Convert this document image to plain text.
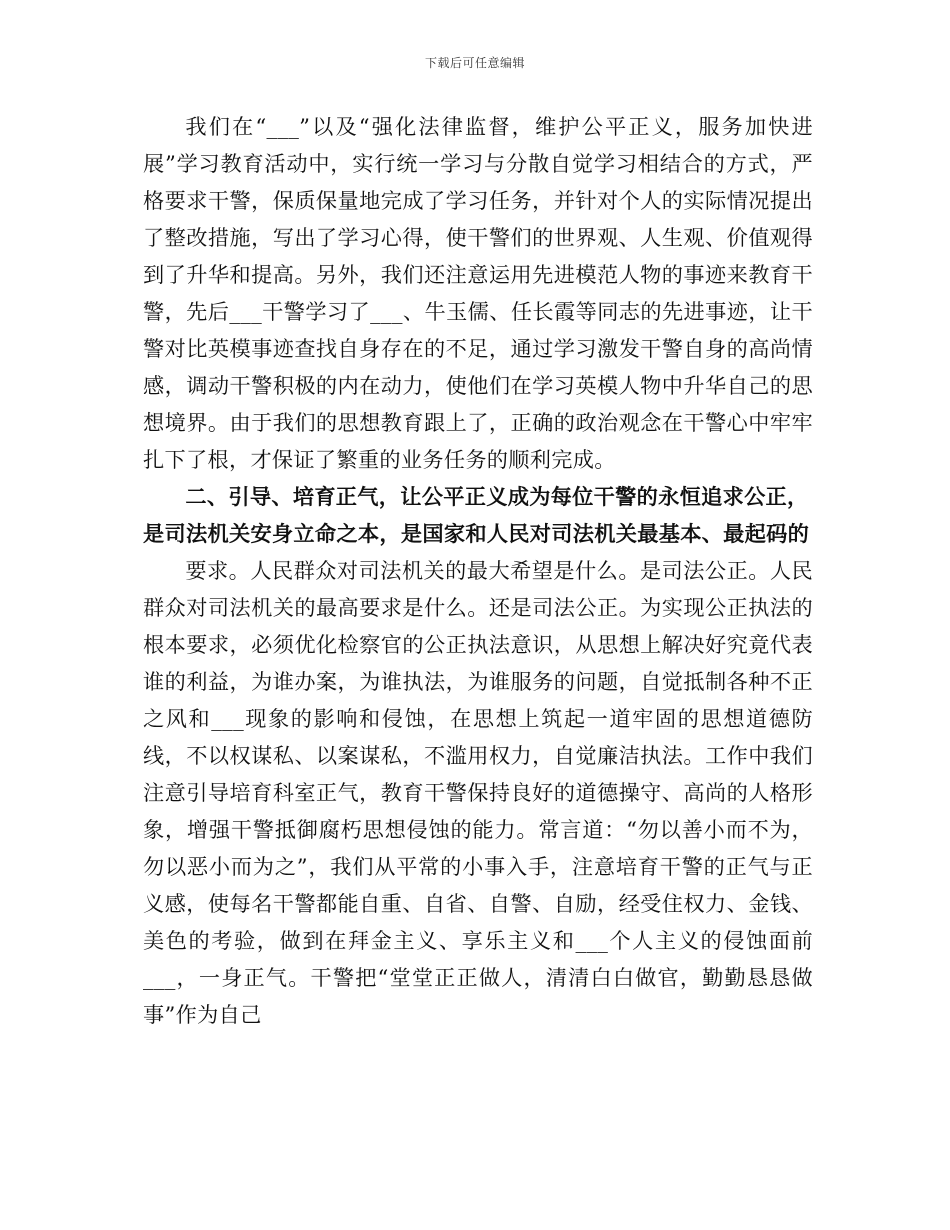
下载后可任意编辑

我们在“___”以及“强化法律监督，维护公平正义，服务加快进展”学习教育活动中，实行统一学习与分散自觉学习相结合的方式，严格要求干警，保质保量地完成了学习任务，并针对个人的实际情况提出了整改措施，写出了学习心得，使干警们的世界观、人生观、价值观得到了升华和提高。另外，我们还注意运用先进模范人物的事迹来教育干警，先后___干警学习了___、牛玉儒、任长霞等同志的先进事迹，让干警对比英模事迹查找自身存在的不足，通过学习激发干警自身的高尚情感，调动干警积极的内在动力，使他们在学习英模人物中升华自己的思想境界。由于我们的思想教育跟上了，正确的政治观念在干警心中牢牢扎下了根，才保证了繁重的业务任务的顺利完成。

二、引导、培育正气，让公平正义成为每位干警的永恒追求公正，是司法机关安身立命之本，是国家和人民对司法机关最基本、最起码的

要求。人民群众对司法机关的最大希望是什么。是司法公正。人民群众对司法机关的最高要求是什么。还是司法公正。为实现公正执法的根本要求，必须优化检察官的公正执法意识，从思想上解决好究竟代表谁的利益，为谁办案，为谁执法，为谁服务的问题，自觉抵制各种不正之风和___现象的影响和侵蚀，在思想上筑起一道牢固的思想道德防线，不以权谋私、以案谋私，不滥用权力，自觉廉洁执法。工作中我们注意引导培育科室正气，教育干警保持良好的道德操守、高尚的人格形象，增强干警抵御腐朽思想侵蚀的能力。常言道：“勿以善小而不为，勿以恶小而为之”，我们从平常的小事入手，注意培育干警的正气与正义感，使每名干警都能自重、自省、自警、自励，经受住权力、金钱、美色的考验，做到在拜金主义、享乐主义和___个人主义的侵蚀面前___，一身正气。干警把“堂堂正正做人，清清白白做官，勤勤恳恳做事”作为自己
